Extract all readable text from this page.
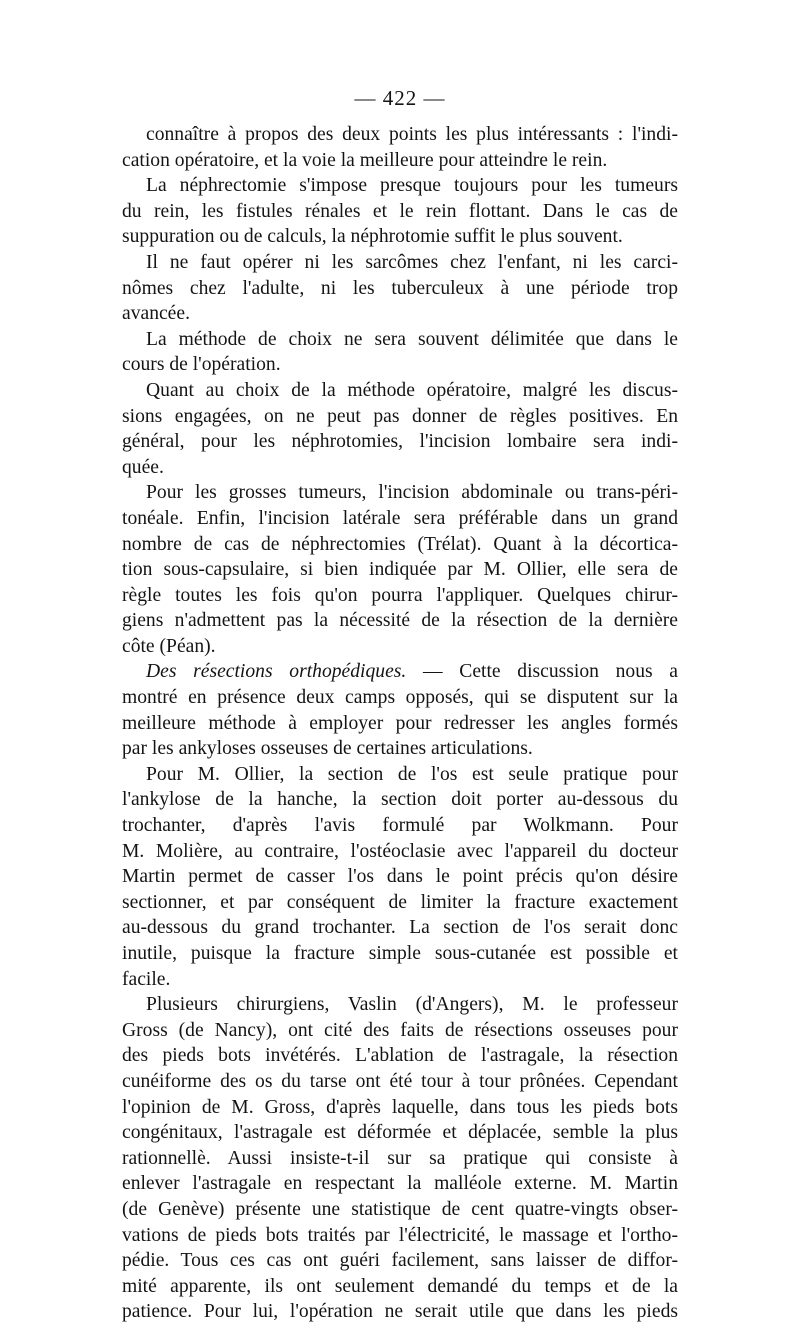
— 422 —
connaître à propos des deux points les plus intéressants : l'indi-
cation opératoire, et la voie la meilleure pour atteindre le rein.
La néphrectomie s'impose presque toujours pour les tumeurs
du rein, les fistules rénales et le rein flottant. Dans le cas de
suppuration ou de calculs, la néphrotomie suffit le plus souvent.
Il ne faut opérer ni les sarcômes chez l'enfant, ni les carci-
nômes chez l'adulte, ni les tuberculeux à une période trop
avancée.
La méthode de choix ne sera souvent délimitée que dans le
cours de l'opération.
Quant au choix de la méthode opératoire, malgré les discus-
sions engagées, on ne peut pas donner de règles positives. En
général, pour les néphrotomies, l'incision lombaire sera indi-
quée.
Pour les grosses tumeurs, l'incision abdominale ou trans-péri-
tonéale. Enfin, l'incision latérale sera préférable dans un grand
nombre de cas de néphrectomies (Trélat). Quant à la décortica-
tion sous-capsulaire, si bien indiquée par M. Ollier, elle sera de
règle toutes les fois qu'on pourra l'appliquer. Quelques chirur-
giens n'admettent pas la nécessité de la résection de la dernière
côte (Péan).
Des résections orthopédiques. — Cette discussion nous a
montré en présence deux camps opposés, qui se disputent sur la
meilleure méthode à employer pour redresser les angles formés
par les ankyloses osseuses de certaines articulations.
Pour M. Ollier, la section de l'os est seule pratique pour
l'ankylose de la hanche, la section doit porter au-dessous du
trochanter, d'après l'avis formulé par Wolkmann. Pour
M. Molière, au contraire, l'ostéoclasie avec l'appareil du docteur
Martin permet de casser l'os dans le point précis qu'on désire
sectionner, et par conséquent de limiter la fracture exactement
au-dessous du grand trochanter. La section de l'os serait donc
inutile, puisque la fracture simple sous-cutanée est possible et
facile.
Plusieurs chirurgiens, Vaslin (d'Angers), M. le professeur
Gross (de Nancy), ont cité des faits de résections osseuses pour
des pieds bots invétérés. L'ablation de l'astragale, la résection
cunéiforme des os du tarse ont été tour à tour prônées. Cependant
l'opinion de M. Gross, d'après laquelle, dans tous les pieds bots
congénitaux, l'astragale est déformée et déplacée, semble la plus
rationnellè. Aussi insiste-t-il sur sa pratique qui consiste à
enlever l'astragale en respectant la malléole externe. M. Martin
(de Genève) présente une statistique de cent quatre-vingts obser-
vations de pieds bots traités par l'électricité, le massage et l'ortho-
pédie. Tous ces cas ont guéri facilement, sans laisser de diffor-
mité apparente, ils ont seulement demandé du temps et de la
patience. Pour lui, l'opération ne serait utile que dans les pieds
